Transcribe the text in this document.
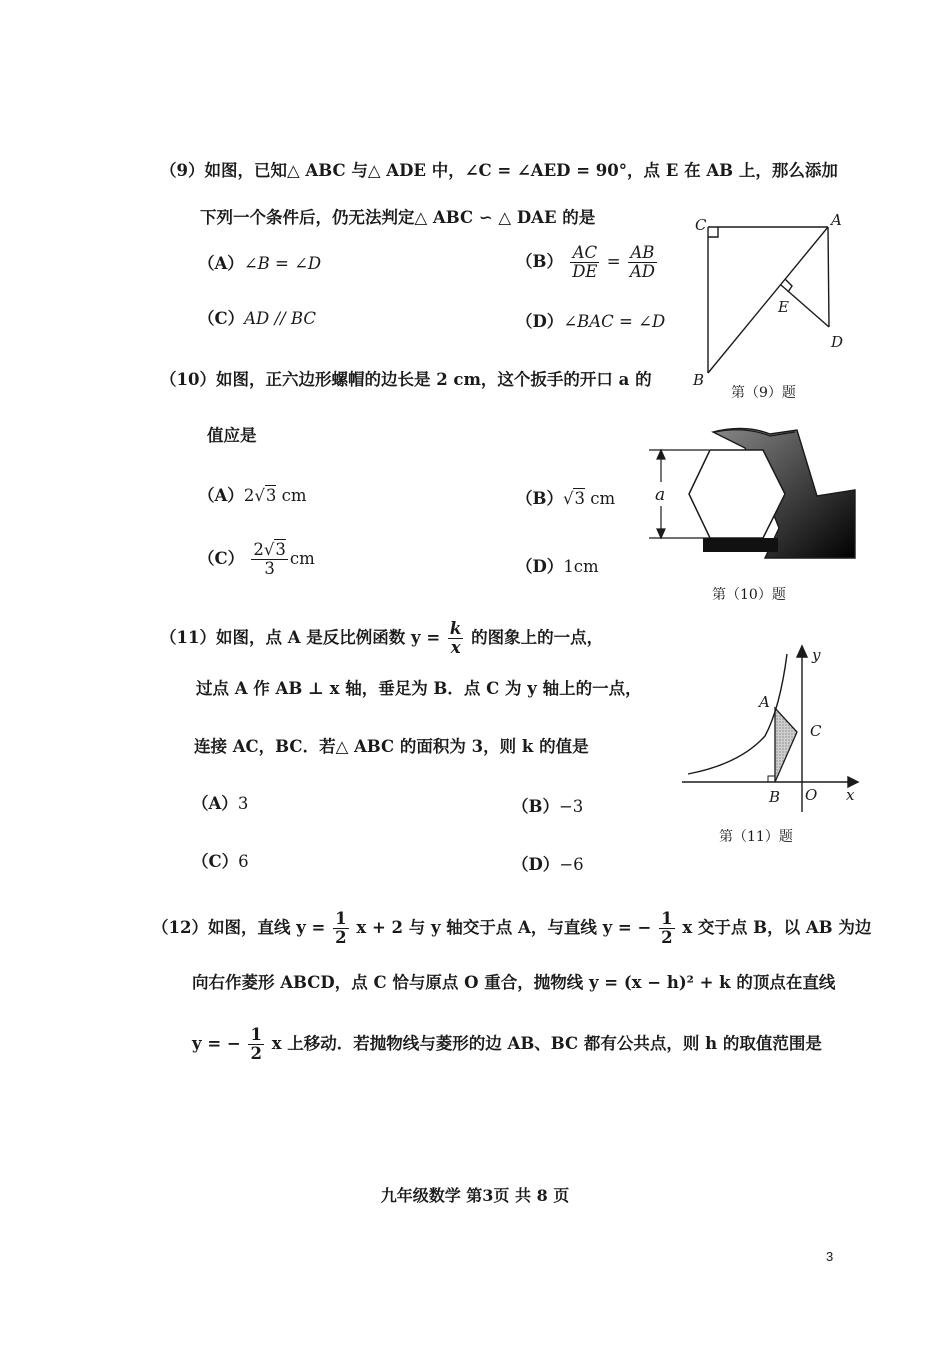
（9）如图，已知△ ABC 与△ ADE 中，∠C = ∠AED = 90°，点 E 在 AB 上，那么添加
下列一个条件后，仍无法判定△ ABC ∽ △ DAE 的是
（A）∠B = ∠D	$(B) \frac{AC}{DE} = \frac{AB}{AD}$
（C）AD // BC	（D）∠BAC = ∠D
C	A
E
D
B
第（9）题
（10）如图，正六边形螺帽的边长是 2 cm，这个扳手的开口 a 的
值应是
（A）2√3 cm	（B）√3 cm
$(C) \frac{2√3}{3}$ cm	（D）1cm
a
第（10）题
（11）如图，点 A 是反比例函数 $y = \frac{k}{x}$ 的图象上的一点，
过点 A 作 AB ⊥ x 轴，垂足为 B．点 C 为 y 轴上的一点，
连接 AC，BC．若△ ABC 的面积为 3，则 k 的值是
（A）3	（B）−3
（C）6	（D）−6
y
A
C
B O x
第（11）题
（12）如图，直线 $y = \frac{1}{2}$ x + 2 与 y 轴交于点 A，与直线 y = − $\frac{1}{2}$ x 交于点 B，以 AB 为边
向右作菱形 ABCD，点 C 恰与原点 O 重合，抛物线 y = (x − h)² + k 的顶点在直线
y = − $\frac{1}{2}$ x 上移动．若抛物线与菱形的边 AB、BC 都有公共点，则 h 的取值范围是
九年级数学 第3页 共 8 页
3
